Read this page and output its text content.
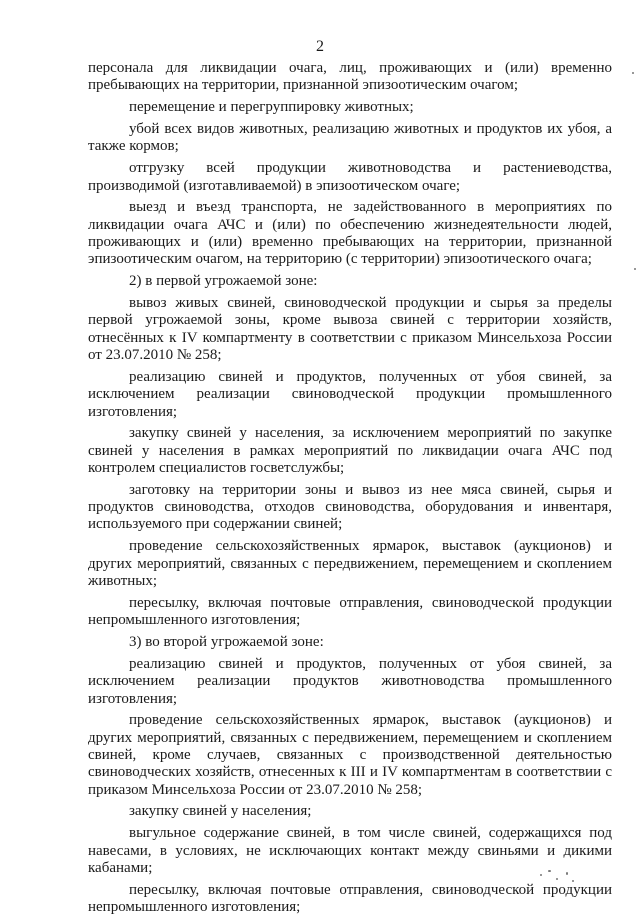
2

персонала для ликвидации очага, лиц, проживающих и (или) временно пребывающих на территории, признанной эпизоотическим очагом;

перемещение и перегруппировку животных;

убой всех видов животных, реализацию животных и продуктов их убоя, а также кормов;

отгрузку всей продукции животноводства и растениеводства, производимой (изготавливаемой) в эпизоотическом очаге;

выезд и въезд транспорта, не задействованного в мероприятиях по ликвидации очага АЧС и (или) по обеспечению жизнедеятельности людей, проживающих и (или) временно пребывающих на территории, признанной эпизоотическим очагом, на территорию (с территории) эпизоотического очага;

2) в первой угрожаемой зоне:

вывоз живых свиней, свиноводческой продукции и сырья за пределы первой угрожаемой зоны, кроме вывоза свиней с территории хозяйств, отнесённых к IV компартменту в соответствии с приказом Минсельхоза России от 23.07.2010 № 258;

реализацию свиней и продуктов, полученных от убоя свиней, за исключением реализации свиноводческой продукции промышленного изготовления;

закупку свиней у населения, за исключением мероприятий по закупке свиней у населения в рамках мероприятий по ликвидации очага АЧС под контролем специалистов госветслужбы;

заготовку на территории зоны и вывоз из нее мяса свиней, сырья и продуктов свиноводства, отходов свиноводства, оборудования и инвентаря, используемого при содержании свиней;

проведение сельскохозяйственных ярмарок, выставок (аукционов) и других мероприятий, связанных с передвижением, перемещением и скоплением животных;

пересылку, включая почтовые отправления, свиноводческой продукции непромышленного изготовления;

3) во второй угрожаемой зоне:

реализацию свиней и продуктов, полученных от убоя свиней, за исключением реализации продуктов животноводства промышленного изготовления;

проведение сельскохозяйственных ярмарок, выставок (аукционов) и других мероприятий, связанных с передвижением, перемещением и скоплением свиней, кроме случаев, связанных с производственной деятельностью свиноводческих хозяйств, отнесенных к III и IV компартментам в соответствии с приказом Минсельхоза России от 23.07.2010 № 258;

закупку свиней у населения;

выгульное содержание свиней, в том числе свиней, содержащихся под навесами, в условиях, не исключающих контакт между свиньями и дикими кабанами;

пересылку, включая почтовые отправления, свиноводческой продукции непромышленного изготовления;
